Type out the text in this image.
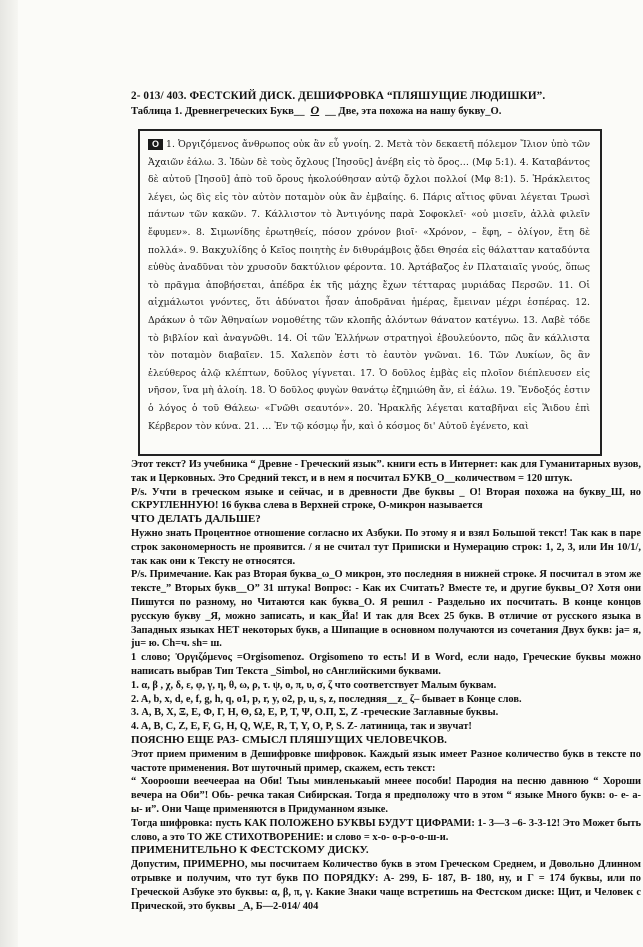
2- 013/ 403. ФЕСТСКИЙ ДИСК. ДЕШИФРОВКА “ПЛЯШУЩИЕ ЛЮДИШКИ”.
Таблица 1. Древнегреческих Букв__ O __ Две, эта похожа на нашу букву_O.
O 1. Ὀργιζόμενος ἄνθρωπος οὐκ ἂν εὖ γνοίη. 2. Μετὰ τὸν δεκαετῆ πόλεμον Ἴλιον ὑπὸ τῶν Ἀχαιῶν ἑάλω. 3. Ἰδὼν δὲ τοὺς ὄχλους [Ἰησοῦς] ἀνέβη εἰς τὸ ὄρος… (Μφ 5:1). 4. Καταβάντος δὲ αὐτοῦ [Ἰησοῦ] ἀπὸ τοῦ ὄρους ἠκολούθησαν αὐτῷ ὄχλοι πολλοί (Μφ 8:1). 5. Ἡράκλειτος λέγει, ὡς δὶς εἰς τὸν αὐτὸν ποταμὸν οὐκ ἂν ἐμβαίης. 6. Πάρις αἴτιος φῦναι λέγεται Τρωσὶ πάντων τῶν κακῶν. 7. Κάλλιστον τὸ Ἀντιγόνης παρὰ Σοφοκλεῖ· «οὐ μισεῖν, ἀλλὰ φιλεῖν ἔφυμεν». 8. Σιμωνίδης ἐρωτηθείς, πόσον χρόνον βιοῖ· «Χρόνον, – ἔφη, – ὀλίγον, ἔτη δὲ πολλά». 9. Βακχυλίδης ὁ Κεῖος ποιητὴς ἐν διθυράμβοις ᾄδει Θησέα εἰς θάλατταν καταδύντα εὐθὺς ἀναδῦναι τὸν χρυσοῦν δακτύλιον φέροντα. 10. Ἀρτάβαζος ἐν Πλαταιαῖς γνούς, ὅπως τὸ πρᾶγμα ἀποβήσεται, ἀπέδρα ἐκ τῆς μάχης ἔχων τέτταρας μυριάδας Περσῶν. 11. Οἱ αἰχμάλωτοι γνόντες, ὅτι ἀδύνατοι ἦσαν ἀποδρᾶναι ἡμέρας, ἔμειναν μέχρι ἑσπέρας. 12. Δράκων ὁ τῶν Ἀθηναίων νομοθέτης τῶν κλοπῆς ἁλόντων θάνατον κατέγνω. 13. Λαβὲ τόδε τὸ βιβλίον καὶ ἀναγνῶθι. 14. Οἱ τῶν Ἑλλήνων στρατηγοὶ ἐβουλεύοντο, πῶς ἂν κάλλιστα τὸν ποταμὸν διαβαῖεν. 15. Χαλεπὸν ἐστι τὸ ἑαυτὸν γνῶναι. 16. Τῶν Λυκίων, ὃς ἂν ἐλεύθερος ἁλῷ κλέπτων, δοῦλος γίγνεται. 17. Ὁ δοῦλος ἐμβὰς εἰς πλοῖον διέπλευσεν εἰς νῆσον, ἵνα μὴ ἁλοίη. 18. Ὁ δοῦλος φυγὼν θανάτῳ ἐζημιώθη ἄν, εἰ ἑάλω. 19. Ἔνδοξός ἐστιν ὁ λόγος ὁ τοῦ Θάλεω· «Γνῶθι σεαυτόν». 20. Ἡρακλῆς λέγεται καταβῆναι εἰς Ἅιδου ἐπὶ Κέρβερον τὸν κύνα. 21. … Ἐν τῷ κόσμῳ ἦν, καὶ ὁ κόσμος δι' Αὐτοῦ ἐγένετο, καὶ

Этот текст? Из учебника “ Древне - Греческий язык”. книги есть в Интернет: как для Гуманитарных вузов, так и Церковных. Это Средний текст, и в нем я посчитал БУКВ_O__количеством = 120 штук.

P/s. Учти в греческом языке и сейчас, и в древности Две буквы _ O! Вторая похожа на букву_Ш, но СКРУГЛЕННУЮ! 16 буква слева в Верхней строке, O-микрон называется

ЧТО ДЕЛАТЬ ДАЛЬШЕ?

Нужно знать Процентное отношение согласно их Азбуки. По этому я и взял Большой текст! Так как в паре строк закономерность не проявится. / я не считал тут Приписки и Нумерацию строк: 1, 2, 3, или Ин 10/1/, так как они к Тексту не относятся.

P/s. Примечание. Как раз Вторая буква_ω_O микрон, это последняя в нижней строке. Я посчитал в этом же тексте_” Вторых букв__O” 31 штука! Вопрос: - Как их Считать? Вместе те, и другие буквы_O? Хотя они Пишутся по разному, но Читаются как буква_O. Я решил - Раздельно их посчитать. В конце концов русскую букву _Я, можно записать, и как_Йа! И так для Всех 25 букв. В отличие от русского языка в Западных языках НЕТ некоторых букв, а Шипащие в основном получаются из сочетания Двух букв: ja= я, ju= ю. Ch=ч. sh= ш.

1 слово; Ὀργιζόμενος =Orgisomenoz. Orgisomeno то есть! И в Word, если надо, Греческие буквы можно написать выбрав Тип Текста _Simbol, но сАнглийскими буквами.

1. α, β , χ, δ, ε, φ, γ, η, θ, ω, ρ, τ. ψ, ο, π, υ, σ, ζ что соответствует Малым буквам.

2. A, b, x, d, e, f, g, h, q, o1, p, r, y, o2, p, u, s, z, последняя__z_ ζ– бывает в Конце слов.

3. А, В, Х, Ξ, Ε, Φ, Γ, Η, Θ, Ω, Ε, Ρ, Τ, Ψ, Ο.Π, Σ, Ζ -греческие Заглавные буквы.

4. A, B, C, Z, E, F, G, H, Q, W,E, R, T, Y, O, P, S. Z- латиница, так и звучат!

ПОЯСНЮ ЕЩЕ РАЗ- СМЫСЛ ПЛЯШУЩИХ ЧЕЛОВЕЧКОВ.

Этот прием применим в Дешифровке шифровок. Каждый язык имеет Разное количество букв в тексте по частоте применения. Вот шуточный пример, скажем, есть текст:

“ Хоорооши веечеерaа на Оби! Тыы минленькаый мнеее пособи! Пародия на песню давнюю “ Хороши вечера на Оби”! Обь- речка такая Сибирская. Тогда я предположу что в этом “ языке Много букв: о- е- а- ы- и”. Они Чаще применяются в Придуманном языке.

Тогда шифровка: пусть КАК ПОЛОЖЕНО БУКВЫ БУДУТ ЦИФРАМИ: 1- 3—3 –6- 3-3-12! Это Может быть слово, а это ТО ЖЕ СТИХОТВОРЕНИЕ: и слово = х-о- о-р-о-о-ш-и.

ПРИМЕНИТЕЛЬНО К ФЕСТСКОМУ ДИСКУ.

Допустим, ПРИМЕРНО, мы посчитаем Количество букв в этом Греческом Среднем, и Довольно Длинном отрывке и получим, что тут букв ПО ПОРЯДКУ: А- 299, Б- 187, В- 180, ну, и Г = 174 буквы, или по Греческой Азбуке это буквы: α, β, π, γ. Какие Знаки чаще встретишь на Фестском диске: Щит, и Человек с Прической, это буквы _А, Б—2-014/ 404
